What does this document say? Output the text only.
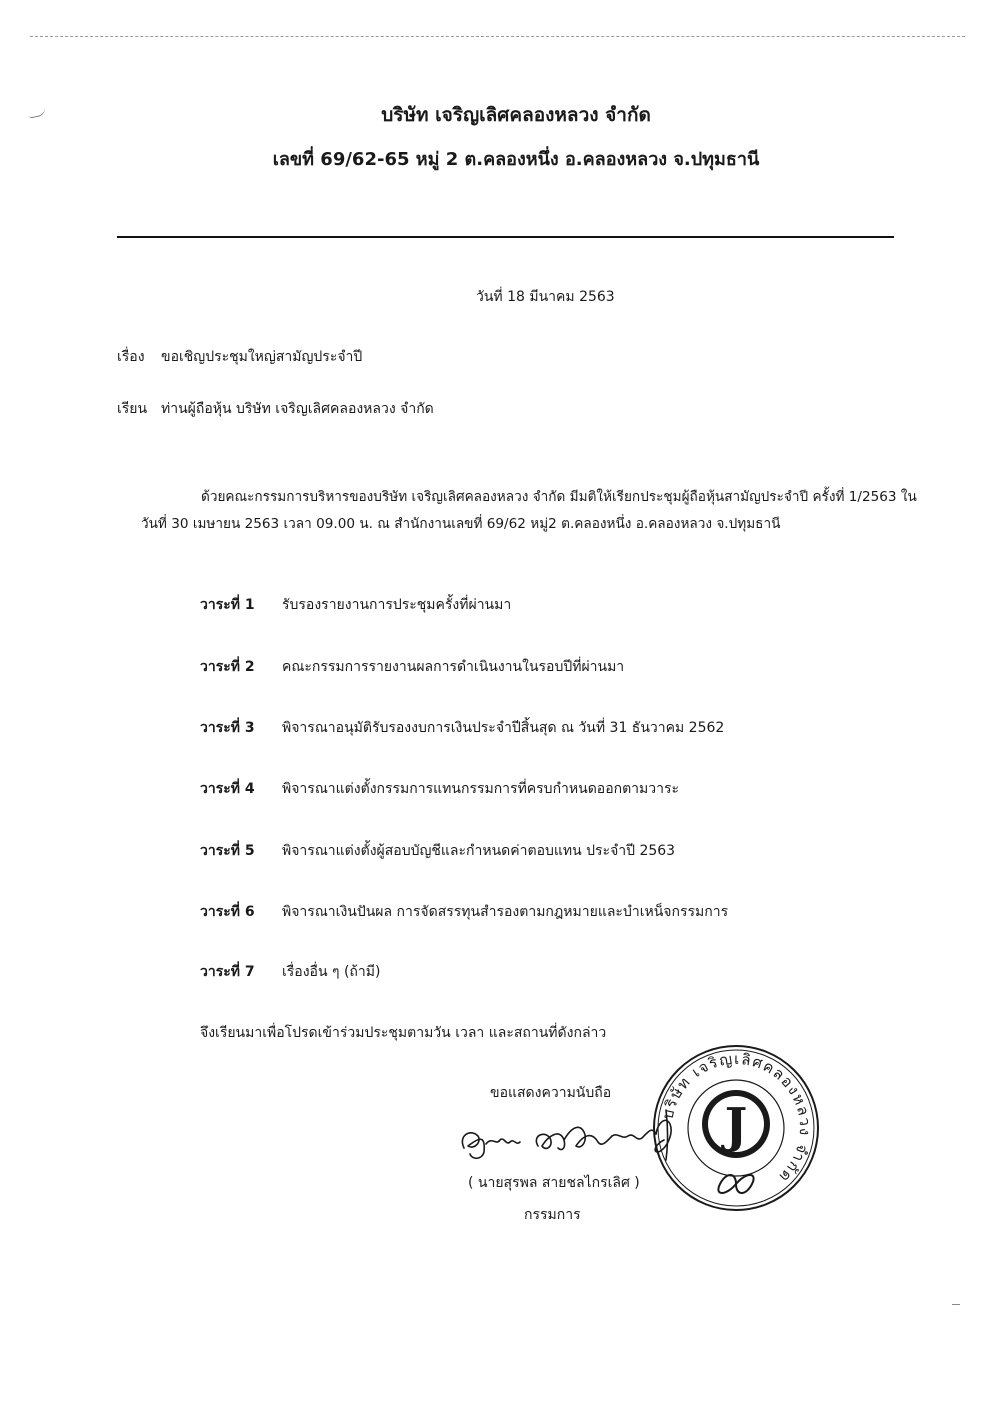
บริษัท เจริญเลิศคลองหลวง จำกัด
เลขที่ 69/62-65 หมู่ 2 ต.คลองหนึ่ง อ.คลองหลวง จ.ปทุมธานี
วันที่ 18 มีนาคม 2563
เรื่อง ขอเชิญประชุมใหญ่สามัญประจำปี
เรียน ท่านผู้ถือหุ้น บริษัท เจริญเลิศคลองหลวง จำกัด
ด้วยคณะกรรมการบริหารของบริษัท เจริญเลิศคลองหลวง จำกัด มีมติให้เรียกประชุมผู้ถือหุ้นสามัญประจำปี ครั้งที่ 1/2563 ในวันที่ 30 เมษายน 2563 เวลา 09.00 น. ณ สำนักงานเลขที่ 69/62 หมู่2 ต.คลองหนึ่ง อ.คลองหลวง จ.ปทุมธานี
วาระที่ 1 รับรองรายงานการประชุมครั้งที่ผ่านมา
วาระที่ 2 คณะกรรมการรายงานผลการดำเนินงานในรอบปีที่ผ่านมา
วาระที่ 3 พิจารณาอนุมัติรับรองงบการเงินประจำปีสิ้นสุด ณ วันที่ 31 ธันวาคม 2562
วาระที่ 4 พิจารณาแต่งตั้งกรรมการแทนกรรมการที่ครบกำหนดออกตามวาระ
วาระที่ 5 พิจารณาแต่งตั้งผู้สอบบัญชีและกำหนดค่าตอบแทน ประจำปี 2563
วาระที่ 6 พิจารณาเงินปันผล การจัดสรรทุนสำรองตามกฎหมายและบำเหน็จกรรมการ
วาระที่ 7 เรื่องอื่น ๆ (ถ้ามี)
จึงเรียนมาเพื่อโปรดเข้าร่วมประชุมตามวัน เวลา และสถานที่ดังกล่าว
ขอแสดงความนับถือ
( นายสุรพล สายชลไกรเลิศ )
กรรมการ
บริษัท เจริญเลิศคลองหลวง จำกัด
J
